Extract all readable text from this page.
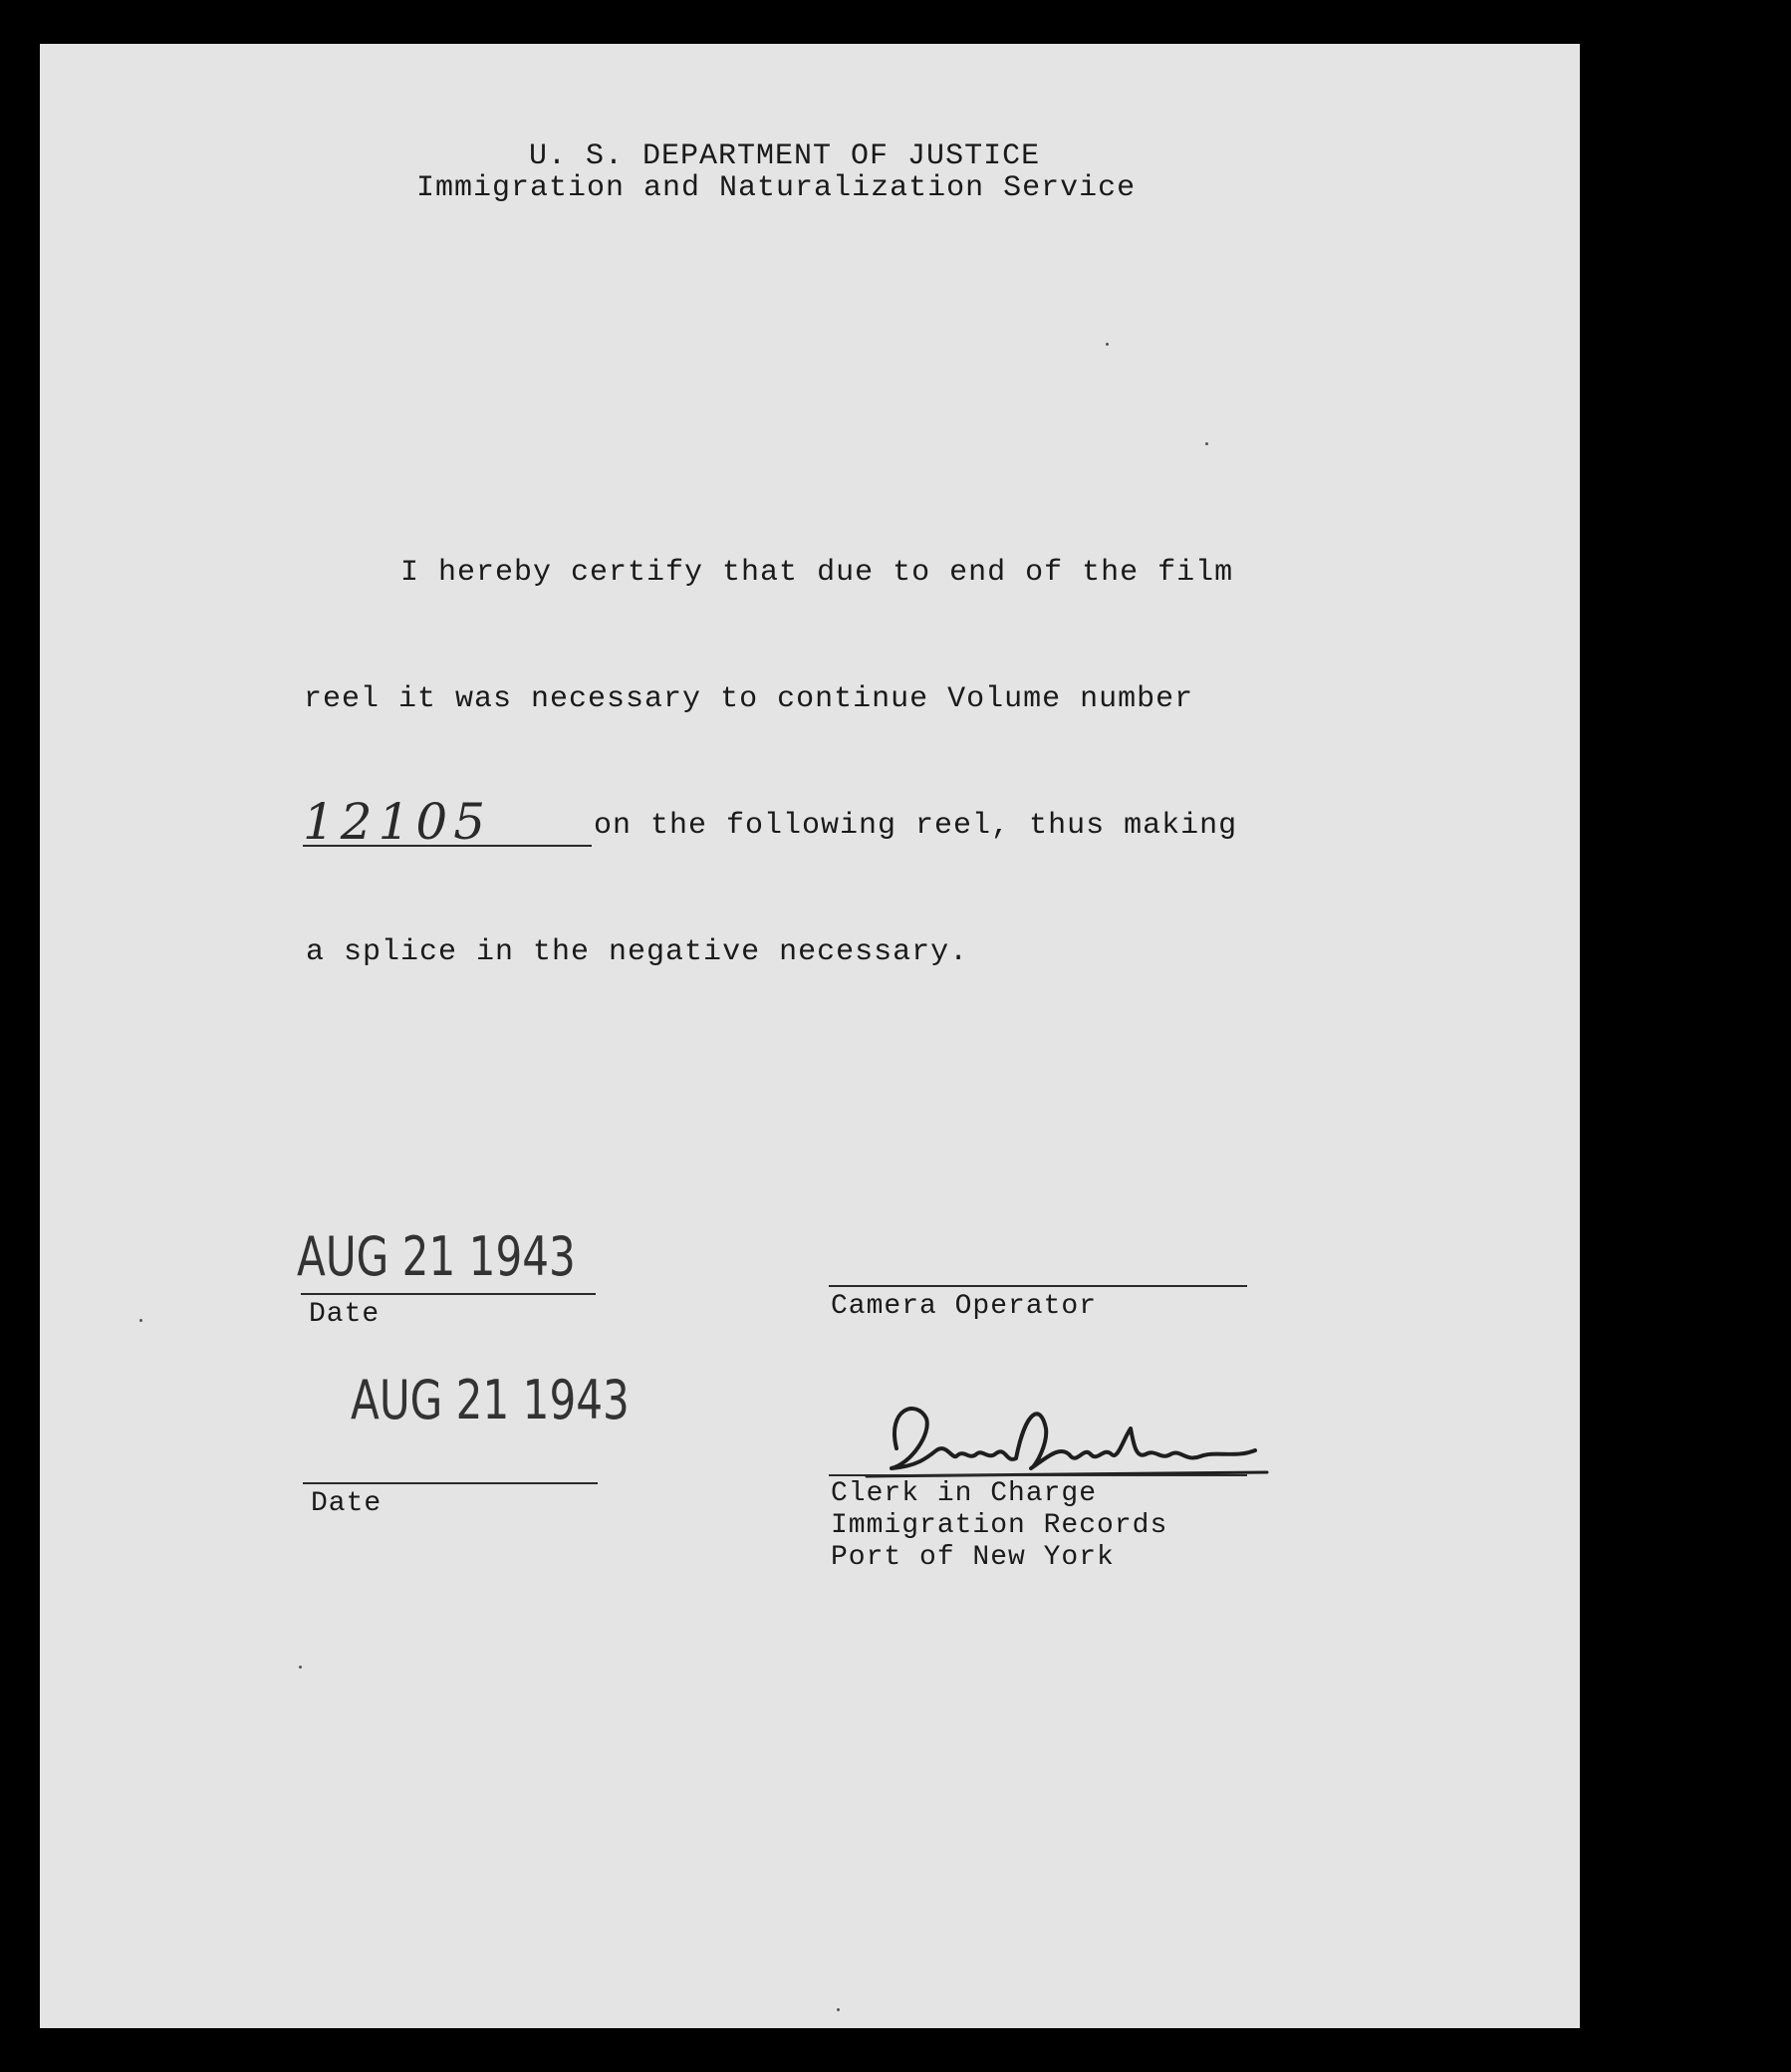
U. S. DEPARTMENT OF JUSTICE
Immigration and Naturalization Service
I hereby certify that due to end of the film
reel it was necessary to continue Volume number
12105	on the following reel, thus making
a splice in the negative necessary.
AUG 21 1943
Date	Camera Operator
AUG 21 1943
Date	Clerk in Charge
Immigration Records
Port of New York
